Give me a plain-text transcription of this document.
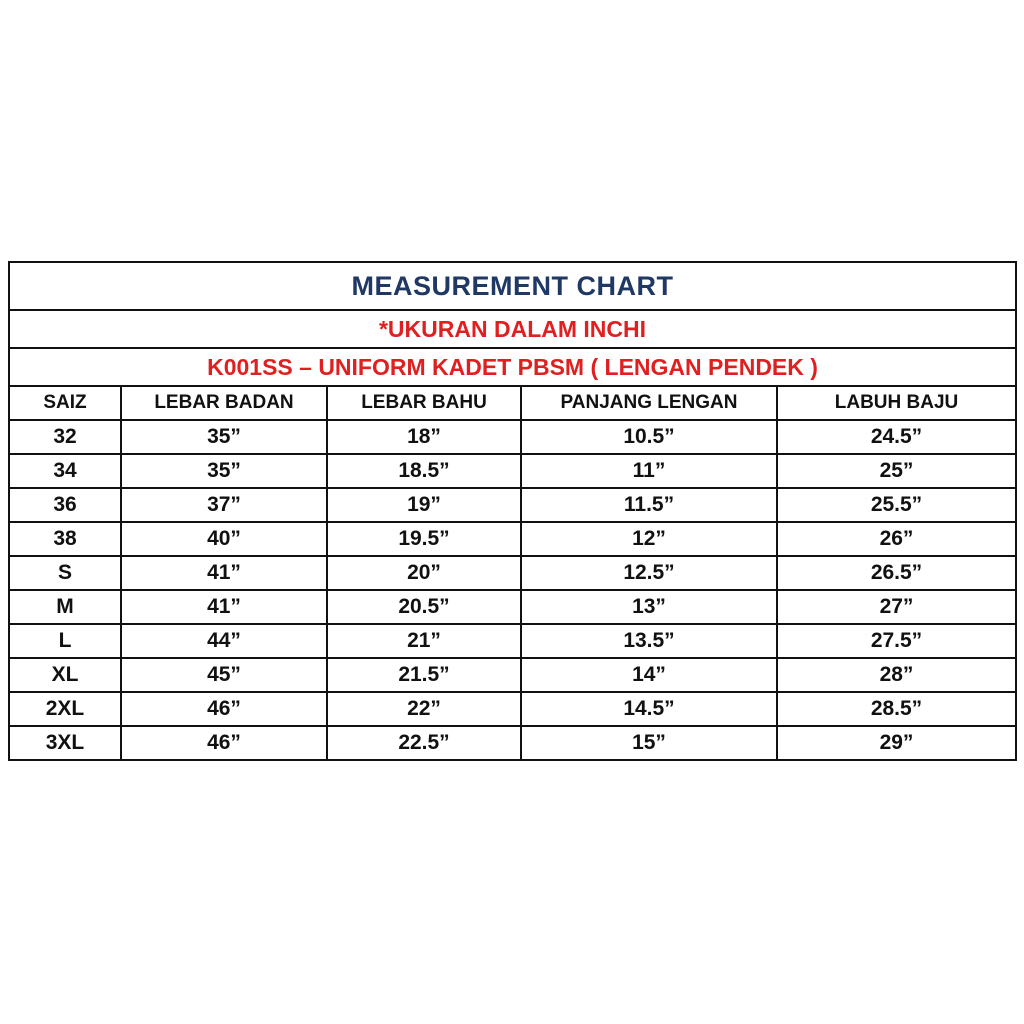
MEASUREMENT CHART				
*UKURAN DALAM INCHI				
K001SS – UNIFORM KADET PBSM ( LENGAN PENDEK )				
SAIZ	LEBAR BADAN	LEBAR BAHU	PANJANG LENGAN	LABUH BAJU
32	35”	18”	10.5”	24.5”
34	35”	18.5”	11”	25”
36	37”	19”	11.5”	25.5”
38	40”	19.5”	12”	26”
S	41”	20”	12.5”	26.5”
M	41”	20.5”	13”	27”
L	44”	21”	13.5”	27.5”
XL	45”	21.5”	14”	28”
2XL	46”	22”	14.5”	28.5”
3XL	46”	22.5”	15”	29”
